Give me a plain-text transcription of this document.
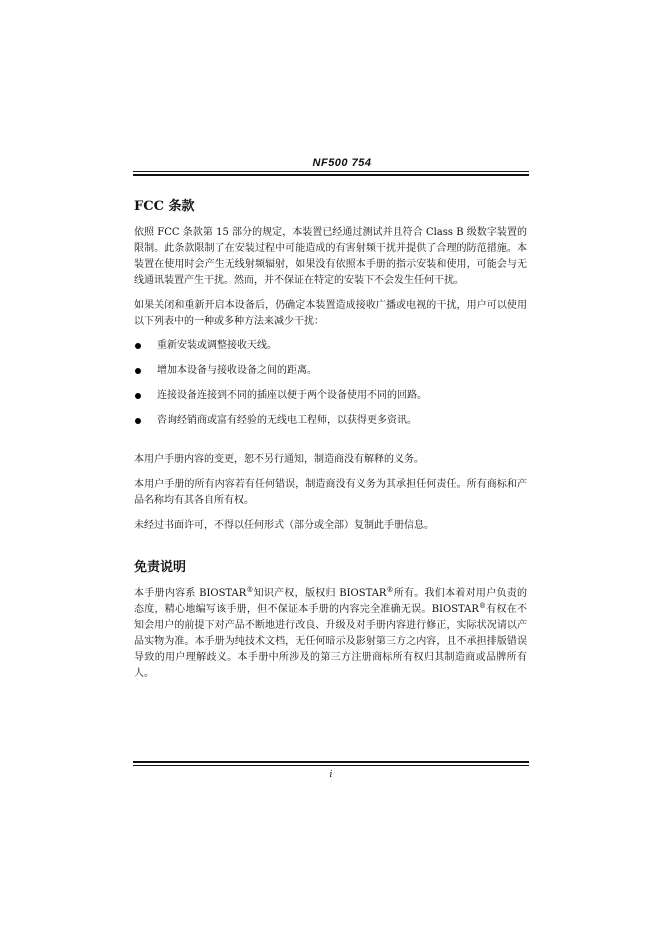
NF500 754
FCC 条款

依照 FCC 条款第 15 部分的规定，本装置已经通过测试并且符合 Class B 级数字装置的限制。此条款限制了在安装过程中可能造成的有害射频干扰并提供了合理的防范措施。本装置在使用时会产生无线射频辐射，如果没有依照本手册的指示安装和使用，可能会与无线通讯装置产生干扰。然而，并不保证在特定的安装下不会发生任何干扰。

如果关闭和重新开启本设备后，仍确定本装置造成接收广播或电视的干扰，用户可以使用以下列表中的一种或多种方法来减少干扰：

重新安装或调整接收天线。
增加本设备与接收设备之间的距离。
连接设备连接到不同的插座以便于两个设备使用不同的回路。
咨询经销商或富有经验的无线电工程师，以获得更多资讯。

本用户手册内容的变更，恕不另行通知，制造商没有解释的义务。

本用户手册的所有内容若有任何错误，制造商没有义务为其承担任何责任。所有商标和产品名称均有其各自所有权。

未经过书面许可，不得以任何形式（部分或全部）复制此手册信息。

免责说明

本手册内容系 BIOSTAR®知识产权，版权归 BIOSTAR®所有。我们本着对用户负责的态度，精心地编写该手册，但不保证本手册的内容完全准确无误。BIOSTAR®有权在不知会用户的前提下对产品不断地进行改良、升级及对手册内容进行修正，实际状况请以产品实物为准。本手册为纯技术文档，无任何暗示及影射第三方之内容，且不承担排版错误导致的用户理解歧义。本手册中所涉及的第三方注册商标所有权归其制造商或品牌所有人。

i
